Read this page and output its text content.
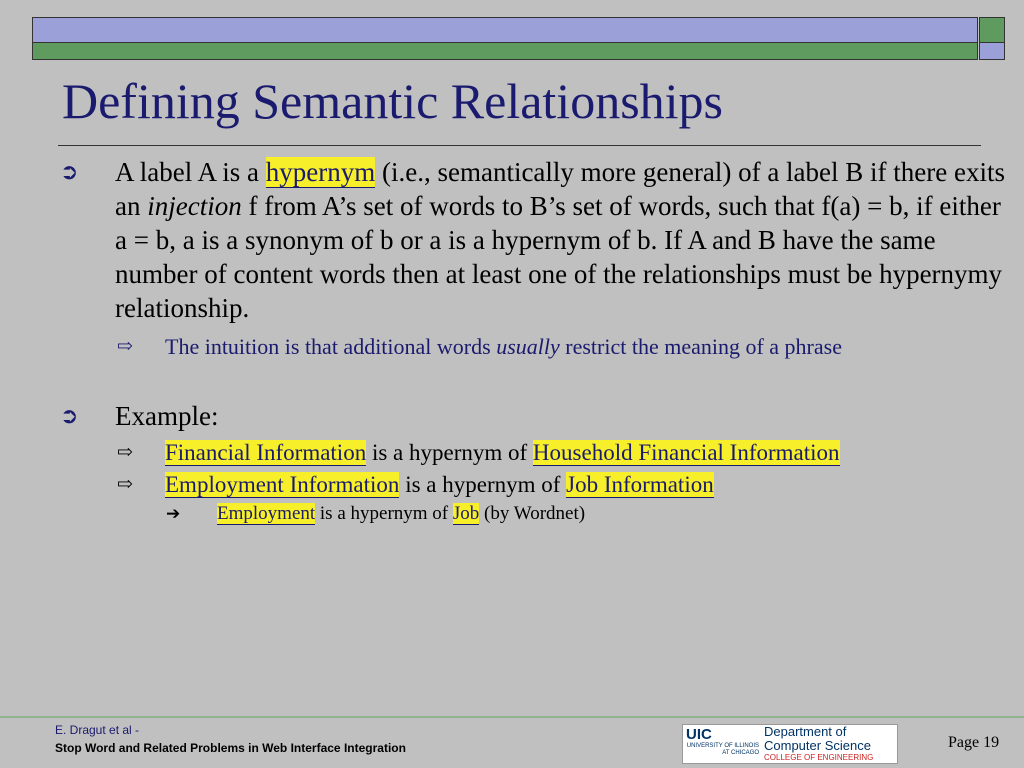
Defining Semantic Relationships
➲ A label A is a hypernym (i.e., semantically more general) of a label B if there exits an injection f from A’s set of words to B’s set of words, such that f(a) = b, if either a = b, a is a synonym of b or a is a hypernym of b. If A and B have the same number of content words then at least one of the relationships must be hypernymy relationship.
⇨ The intuition is that additional words usually restrict the meaning of a phrase
➲ Example:
⇨ Financial Information is a hypernym of Household Financial Information
⇨ Employment Information is a hypernym of Job Information
➔ Employment is a hypernym of Job (by Wordnet)
E. Dragut et al -
Stop Word and Related Problems in Web Interface Integration
UIC
UNIVERSITY OF ILLINOIS AT CHICAGO
Department of
Computer Science
COLLEGE OF ENGINEERING
Page 19
